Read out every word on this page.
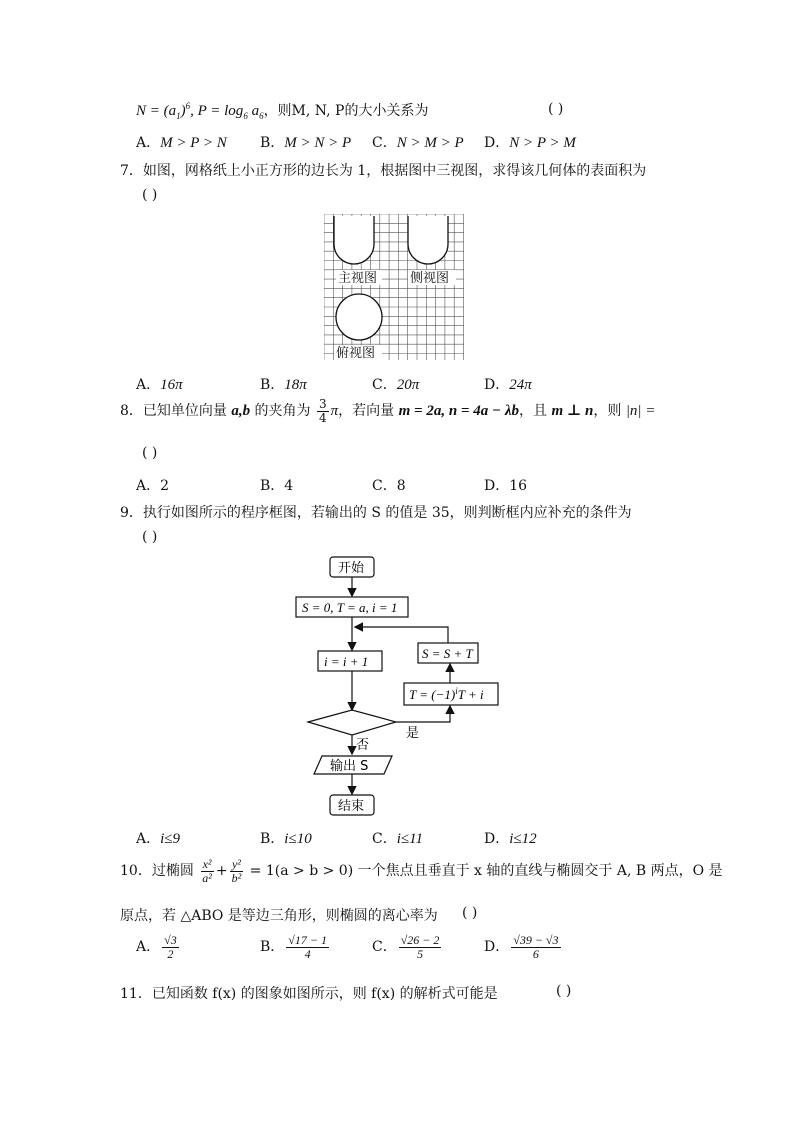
$N = (a_1)^6$, $P = \log_6 a_6$，则M, N, P的大小关系为	( )
A．M > P > N B．M > N > P C．N > M > P D．N > P > M
7．如图，网格纸上小正方形的边长为 1，根据图中三视图，求得该几何体的表面积为
( )
主视图	侧视图
俯视图
A．16π	B．18π	C．20π	D．24π
8．已知单位向量 a,b 的夹角为 $\frac{3}{4}$ π，若向量 m = 2a, n = 4a − λb，且 m ⊥ n，则 |n| =
( )
A．2	B．4	C．8	D．16
9．执行如图所示的程序框图，若输出的 S 的值是 35，则判断框内应补充的条件为
( )
开始
S = 0, T = a, i = 1
i = i + 1
S = S + T
$T = (-1)^iT + i$
是
否
输出 S
结束
A．i≤9	B．i≤10	C．i≤11	D．i≤12
10．过椭圆 $\frac{\text{x²}}{\text{a²}} + \frac{\text{y²}}{\text{b²}} = 1(a > b > 0)$ 一个焦点且垂直于 x 轴的直线与椭圆交于 A, B 两点，O 是
原点，若 △ABO 是等边三角形，则椭圆的离心率为 ( )
A． $\frac{√3}{2}$	B． $\frac{√17 - 1}{4}$	C． $\frac{√26 - 2}{5}$	D． $\frac{√39 - √3}{6}$
11．已知函数 f(x) 的图象如图所示，则 f(x) 的解析式可能是	( )
